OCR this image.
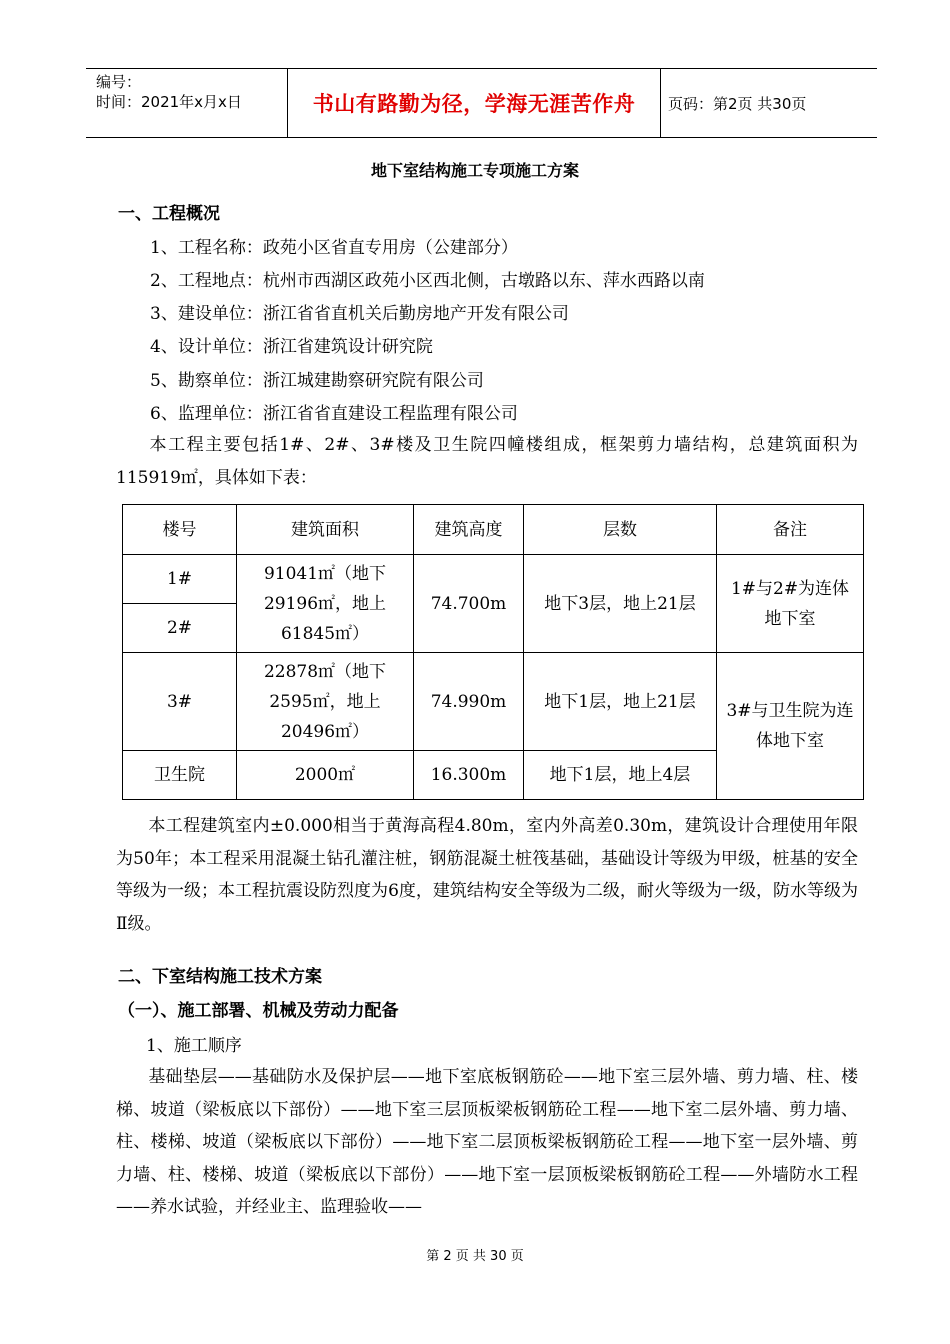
编号：
时间：2021年x月x日	书山有路勤为径，学海无涯苦作舟	页码：第2页 共30页
地下室结构施工专项施工方案
一、工程概况
1、工程名称：政苑小区省直专用房（公建部分）
2、工程地点：杭州市西湖区政苑小区西北侧，古墩路以东、萍水西路以南
3、建设单位：浙江省省直机关后勤房地产开发有限公司
4、设计单位：浙江省建筑设计研究院
5、勘察单位：浙江城建勘察研究院有限公司
6、监理单位：浙江省省直建设工程监理有限公司
本工程主要包括1#、2#、3#楼及卫生院四幢楼组成，框架剪力墙结构，总建筑面积为115919㎡，具体如下表：
楼号	建筑面积	建筑高度	层数	备注
1#	91041㎡（地下29196㎡，地上61845㎡）	74.700m	地下3层，地上21层	1#与2#为连体地下室
2#				
3#	22878㎡（地下2595㎡，地上20496㎡）	74.990m	地下1层，地上21层	3#与卫生院为连体地下室
卫生院	2000㎡	16.300m	地下1层，地上4层	
本工程建筑室内±0.000相当于黄海高程4.80m，室内外高差0.30m，建筑设计合理使用年限为50年；本工程采用混凝土钻孔灌注桩，钢筋混凝土桩筏基础，基础设计等级为甲级，桩基的安全等级为一级；本工程抗震设防烈度为6度，建筑结构安全等级为二级，耐火等级为一级，防水等级为Ⅱ级。
二、下室结构施工技术方案
（一）、施工部署、机械及劳动力配备
1、施工顺序
基础垫层——基础防水及保护层——地下室底板钢筋砼——地下室三层外墙、剪力墙、柱、楼梯、坡道（梁板底以下部份）——地下室三层顶板梁板钢筋砼工程——地下室二层外墙、剪力墙、柱、楼梯、坡道（梁板底以下部份）——地下室二层顶板梁板钢筋砼工程——地下室一层外墙、剪力墙、柱、楼梯、坡道（梁板底以下部份）——地下室一层顶板梁板钢筋砼工程——外墙防水工程——养水试验，并经业主、监理验收——
第 2 页 共 30 页
